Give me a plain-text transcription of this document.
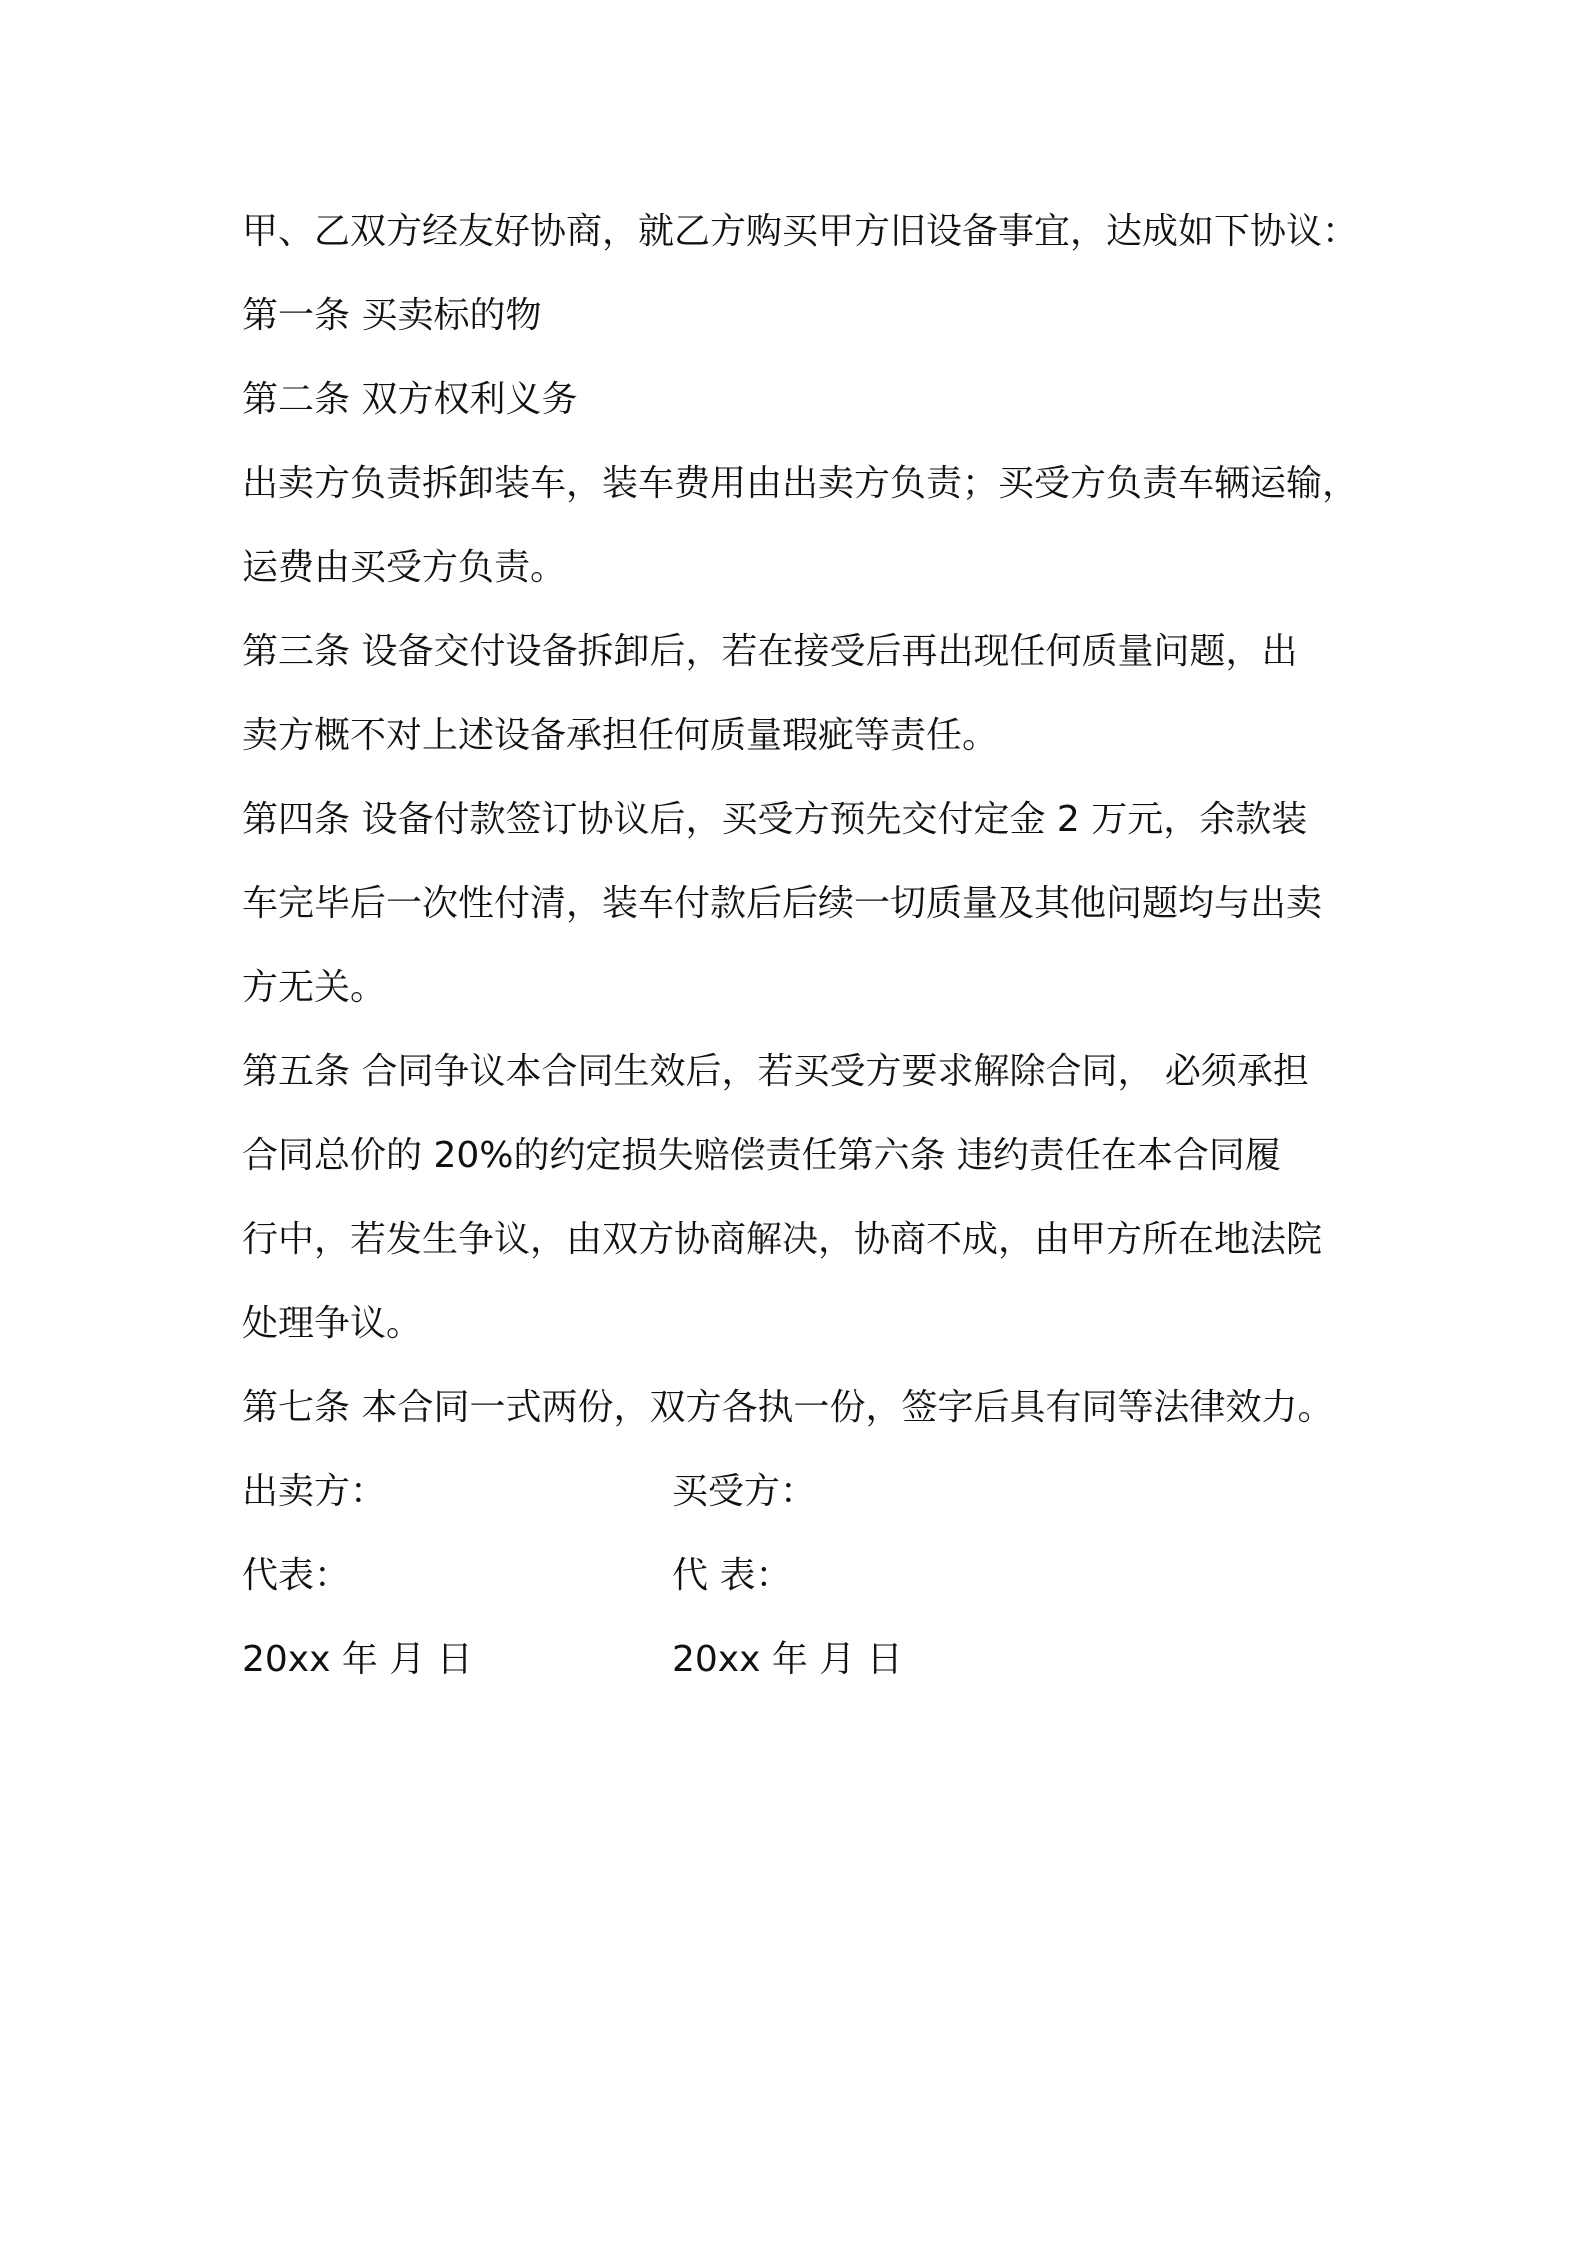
甲、乙双方经友好协商，就乙方购买甲方旧设备事宜，达成如下协议：
第一条 买卖标的物
第二条 双方权利义务
出卖方负责拆卸装车，装车费用由出卖方负责；买受方负责车辆运输，
运费由买受方负责。
第三条 设备交付设备拆卸后，若在接受后再出现任何质量问题，出
卖方概不对上述设备承担任何质量瑕疵等责任。
第四条 设备付款签订协议后，买受方预先交付定金 2 万元，余款装
车完毕后一次性付清，装车付款后后续一切质量及其他问题均与出卖
方无关。
第五条 合同争议本合同生效后，若买受方要求解除合同， 必须承担
合同总价的 20%的约定损失赔偿责任第六条 违约责任在本合同履
行中，若发生争议，由双方协商解决，协商不成，由甲方所在地法院
处理争议。
第七条 本合同一式两份，双方各执一份，签字后具有同等法律效力。
出卖方：	买受方：
代表：	代 表：
20xx 年 月 日	20xx 年 月 日
